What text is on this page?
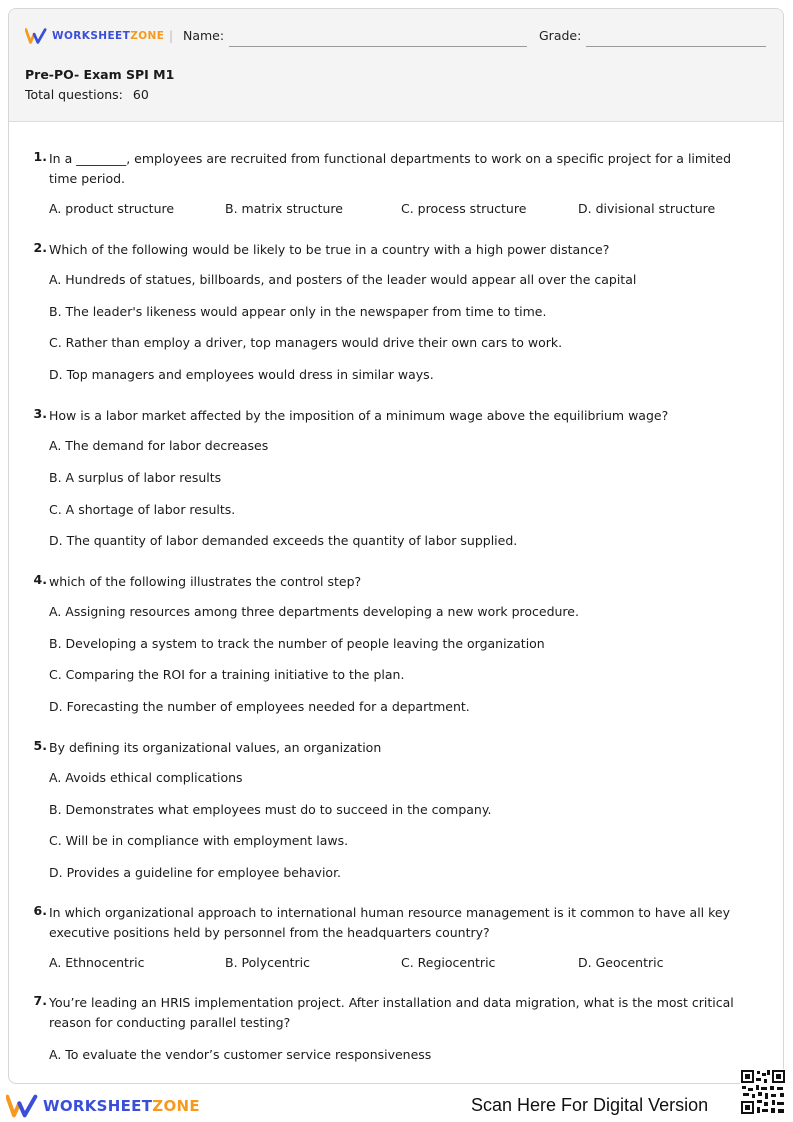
WORKSHEETZONE | Name:	Grade:
Pre-PO- Exam SPI M1
Total questions: 60
1. In a ________, employees are recruited from functional departments to work on a specific project for a limited time period.
A. product structure	B. matrix structure	C. process structure	D. divisional structure
2. Which of the following would be likely to be true in a country with a high power distance?
A. Hundreds of statues, billboards, and posters of the leader would appear all over the capital
B. The leader's likeness would appear only in the newspaper from time to time.
C. Rather than employ a driver, top managers would drive their own cars to work.
D. Top managers and employees would dress in similar ways.
3. How is a labor market affected by the imposition of a minimum wage above the equilibrium wage?
A. The demand for labor decreases
B. A surplus of labor results
C. A shortage of labor results.
D. The quantity of labor demanded exceeds the quantity of labor supplied.
4. which of the following illustrates the control step?
A. Assigning resources among three departments developing a new work procedure.
B. Developing a system to track the number of people leaving the organization
C. Comparing the ROI for a training initiative to the plan.
D. Forecasting the number of employees needed for a department.
5. By defining its organizational values, an organization
A. Avoids ethical complications
B. Demonstrates what employees must do to succeed in the company.
C. Will be in compliance with employment laws.
D. Provides a guideline for employee behavior.
6. In which organizational approach to international human resource management is it common to have all key executive positions held by personnel from the headquarters country?
A. Ethnocentric	B. Polycentric	C. Regiocentric	D. Geocentric
7. You’re leading an HRIS implementation project. After installation and data migration, what is the most critical reason for conducting parallel testing?
A. To evaluate the vendor’s customer service responsiveness
WORKSHEETZONE	Scan Here For Digital Version
